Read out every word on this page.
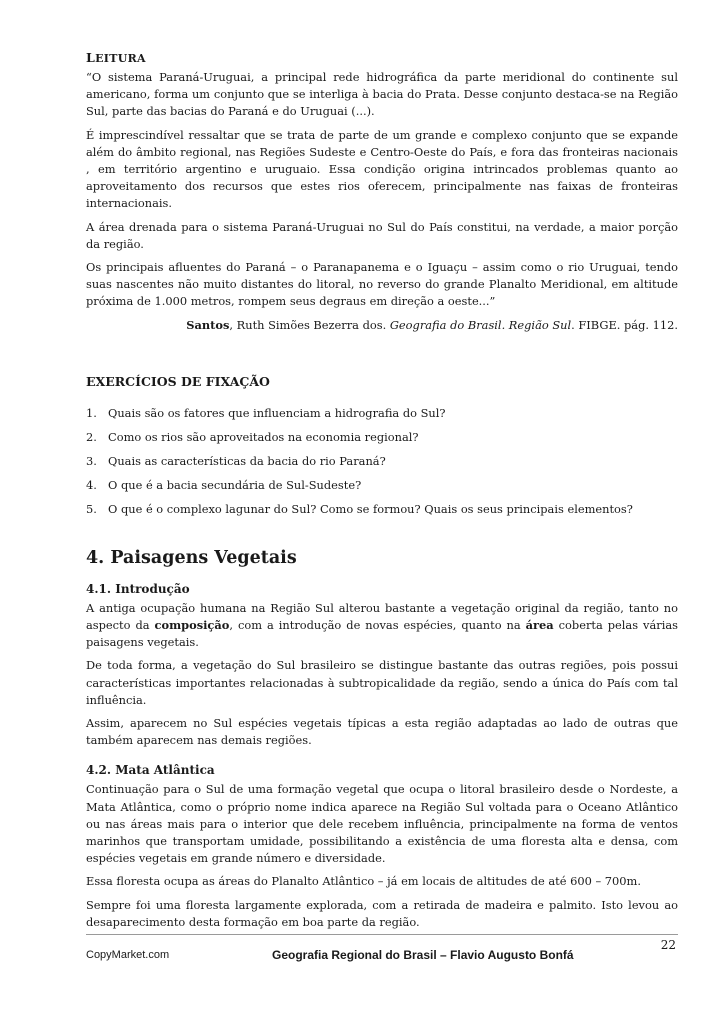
LEITURA

“O sistema Paraná-Uruguai, a principal rede hidrográfica da parte meridional do continente sul americano, forma um conjunto que se interliga à bacia do Prata. Desse conjunto destaca-se na Região Sul, parte das bacias do Paraná e do Uruguai (...).

É imprescindível ressaltar que se trata de parte de um grande e complexo conjunto que se expande além do âmbito regional, nas Regiões Sudeste e Centro-Oeste do País, e fora das fronteiras nacionais , em território argentino e uruguaio. Essa condição origina intrincados problemas quanto ao aproveitamento dos recursos que estes rios oferecem, principalmente nas faixas de fronteiras internacionais.

A área drenada para o sistema Paraná-Uruguai no Sul do País constitui, na verdade, a maior porção da região.

Os principais afluentes do Paraná – o Paranapanema e o Iguaçu – assim como o rio Uruguai, tendo suas nascentes não muito distantes do litoral, no reverso do grande Planalto Meridional, em altitude próxima de 1.000 metros, rompem seus degraus em direção a oeste...”

Santos, Ruth Simões Bezerra dos. Geografia do Brasil. Região Sul. FIBGE. pág. 112.

EXERCÍCIOS DE FIXAÇÃO
1. Quais são os fatores que influenciam a hidrografia do Sul?
2. Como os rios são aproveitados na economia regional?
3. Quais as características da bacia do rio Paraná?
4. O que é a bacia secundária de Sul-Sudeste?
5. O que é o complexo lagunar do Sul? Como se formou? Quais os seus principais elementos?
4. Paisagens Vegetais
4.1. Introdução

A antiga ocupação humana na Região Sul alterou bastante a vegetação original da região, tanto no aspecto da composição, com a introdução de novas espécies, quanto na área coberta pelas várias paisagens vegetais.

De toda forma, a vegetação do Sul brasileiro se distingue bastante das outras regiões, pois possui características importantes relacionadas à subtropicalidade da região, sendo a única do País com tal influência.

Assim, aparecem no Sul espécies vegetais típicas a esta região adaptadas ao lado de outras que também aparecem nas demais regiões.

4.2. Mata Atlântica

Continuação para o Sul de uma formação vegetal que ocupa o litoral brasileiro desde o Nordeste, a Mata Atlântica, como o próprio nome indica aparece na Região Sul voltada para o Oceano Atlântico ou nas áreas mais para o interior que dele recebem influência, principalmente na forma de ventos marinhos que transportam umidade, possibilitando a existência de uma floresta alta e densa, com espécies vegetais em grande número e diversidade.

Essa floresta ocupa as áreas do Planalto Atlântico – já em locais de altitudes de até 600 – 700m.

Sempre foi uma floresta largamente explorada, com a retirada de madeira e palmito. Isto levou ao desaparecimento desta formação em boa parte da região.

CopyMarket.com	Geografia Regional do Brasil – Flavio Augusto Bonfá
22
